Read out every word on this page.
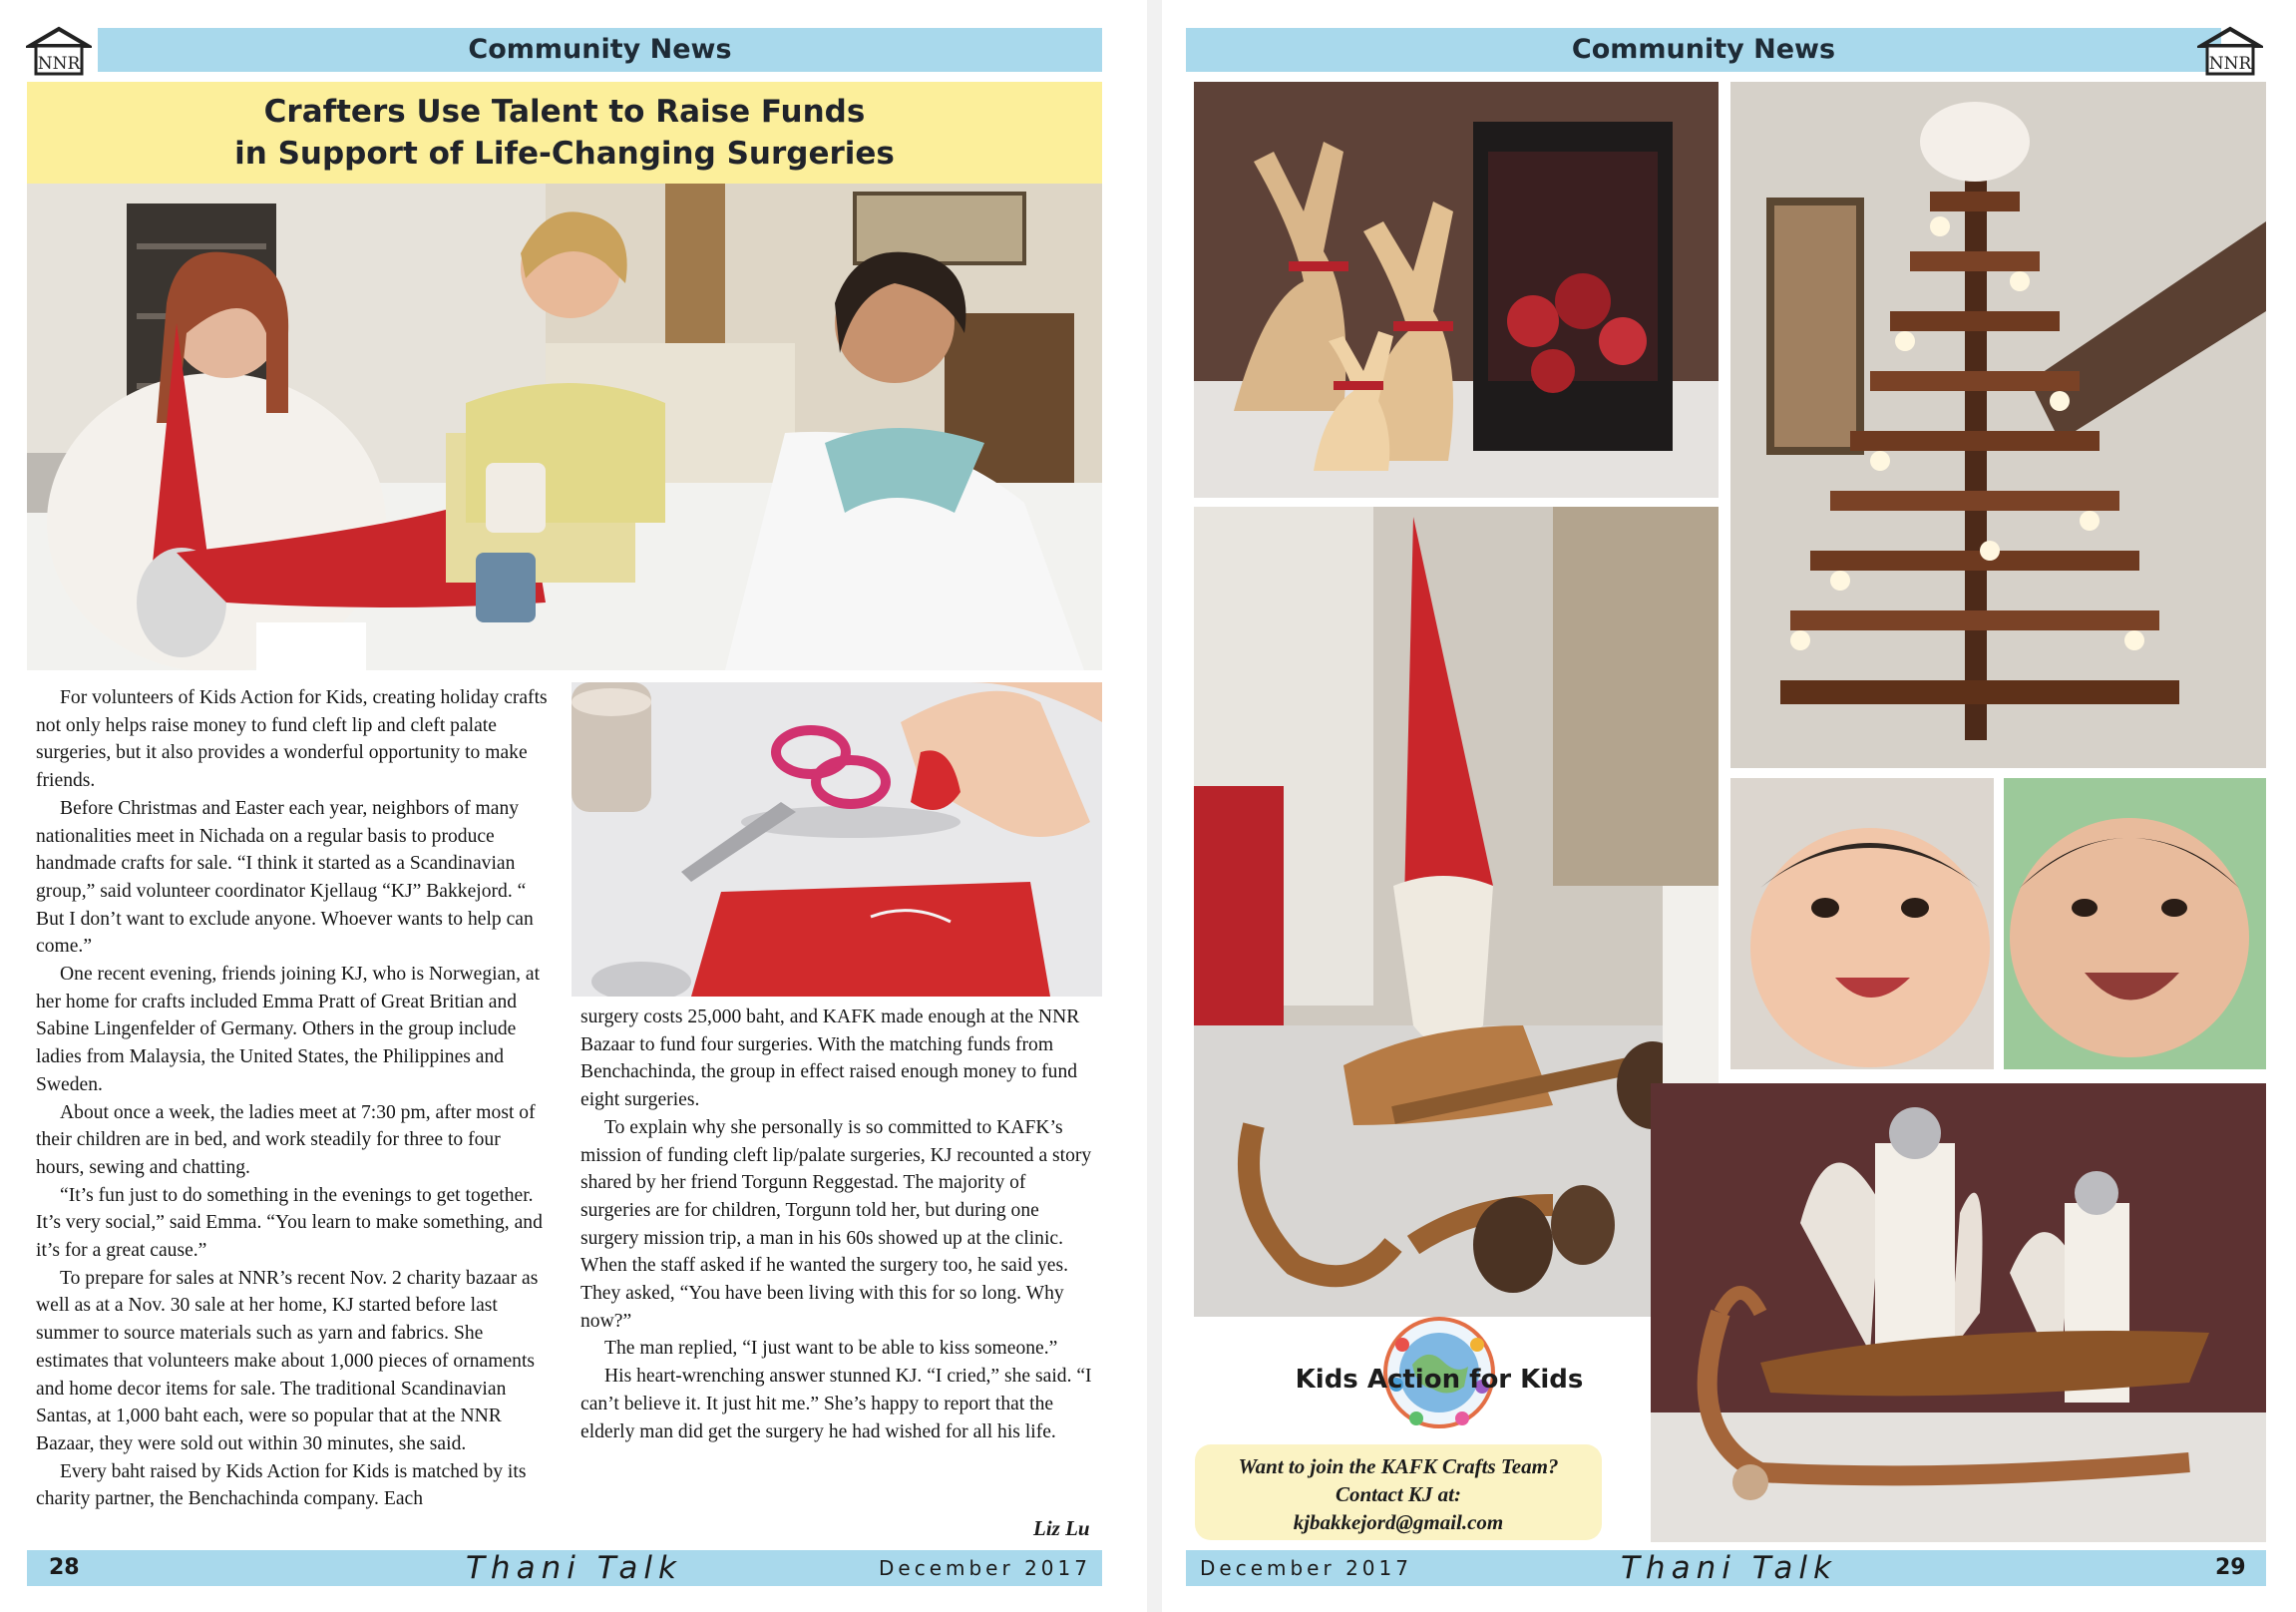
NNR	Community News
Crafters Use Talent to Raise Funds
in Support of Life-Changing Surgeries

For volunteers of Kids Action for Kids, creating holiday crafts not only helps raise money to fund cleft lip and cleft palate surgeries, but it also provides a wonderful opportunity to make friends.

Before Christmas and Easter each year, neighbors of many nationalities meet in Nichada on a regular basis to produce handmade crafts for sale. “I think it started as a Scandinavian group,” said volunteer coordinator Kjellaug “KJ” Bakkejord. “ But I don’t want to exclude anyone. Whoever wants to help can come.”

One recent evening, friends joining KJ, who is Norwegian, at her home for crafts included Emma Pratt of Great Britian and Sabine Lingenfelder of Germany. Others in the group include ladies from Malaysia, the United States, the Philippines and Sweden.

About once a week, the ladies meet at 7:30 pm, after most of their children are in bed, and work steadily for three to four hours, sewing and chatting.

“It’s fun just to do something in the evenings to get together. It’s very social,” said Emma. “You learn to make something, and it’s for a great cause.”

To prepare for sales at NNR’s recent Nov. 2 charity bazaar as well as at a Nov. 30 sale at her home, KJ started before last summer to source materials such as yarn and fabrics. She estimates that volunteers make about 1,000 pieces of ornaments and home decor items for sale. The traditional Scandinavian Santas, at 1,000 baht each, were so popular that at the NNR Bazaar, they were sold out within 30 minutes, she said.

Every baht raised by Kids Action for Kids is matched by its charity partner, the Benchachinda company. Each

surgery costs 25,000 baht, and KAFK made enough at the NNR Bazaar to fund four surgeries. With the matching funds from Benchachinda, the group in effect raised enough money to fund eight surgeries.

To explain why she personally is so committed to KAFK’s mission of funding cleft lip/palate surgeries, KJ recounted a story shared by her friend Torgunn Reggestad. The majority of surgeries are for children, Torgunn told her, but during one surgery mission trip, a man in his 60s showed up at the clinic. When the staff asked if he wanted the surgery too, he said yes. They asked, “You have been living with this for so long. Why now?”

The man replied, “I just want to be able to kiss someone.”

His heart-wrenching answer stunned KJ. “I cried,” she said. “I can’t believe it. It just hit me.” She’s happy to report that the elderly man did get the surgery he had wished for all his life.

Liz Lu
28	Thani Talk	December 2017
Community News	NNR
Kids Action for Kids
Want to join the KAFK Crafts Team?
Contact KJ at:
kjbakkejord@gmail.com
December 2017	Thani Talk	29
